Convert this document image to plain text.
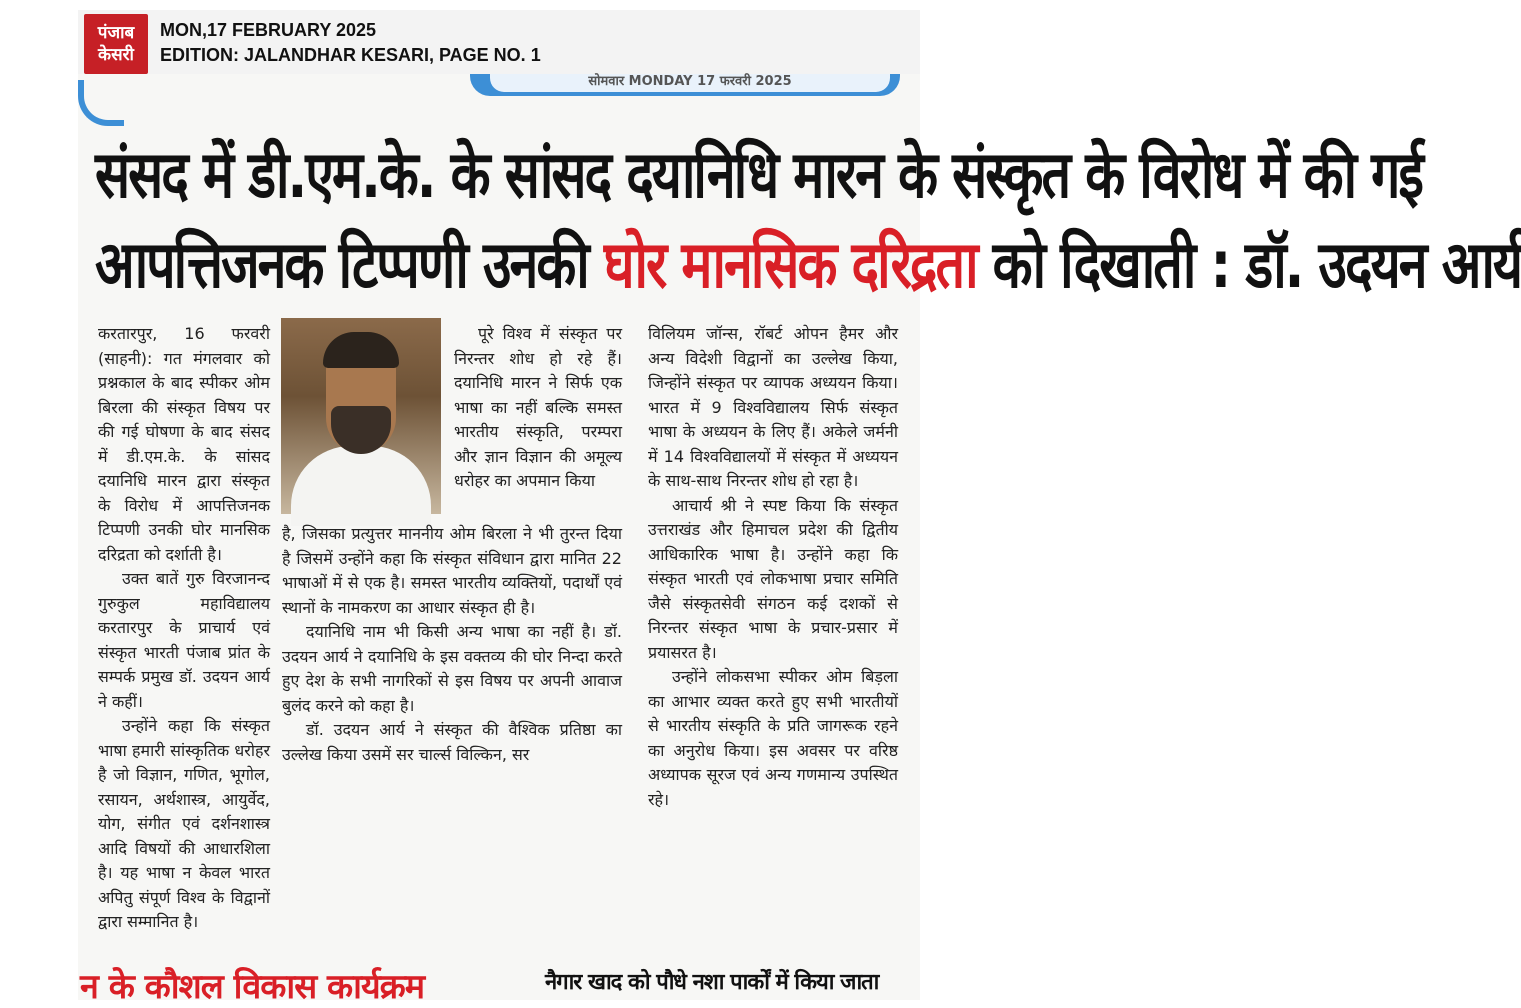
पंजाब
केसरी
MON,17 FEBRUARY 2025
EDITION: JALANDHAR KESARI, PAGE NO. 1
सोमवार MONDAY 17 फरवरी 2025
संसद में डी.एम.के. के सांसद दयानिधि मारन के संस्कृत के विरोध में की गई
आपत्तिजनक टिप्पणी उनकी घोर मानसिक दरिद्रता को दिखाती : डॉ. उदयन आर्य

करतारपुर, 16 फरवरी (साहनी): गत मंगलवार को प्रश्नकाल के बाद स्पीकर ओम बिरला की संस्कृत विषय पर की गई घोषणा के बाद संसद में डी.एम.के. के सांसद दयानिधि मारन द्वारा संस्कृत के विरोध में आपत्तिजनक टिप्पणी उनकी घोर मानसिक दरिद्रता को दर्शाती है।

उक्त बातें गुरु विरजानन्द गुरुकुल महाविद्यालय करतारपुर के प्राचार्य एवं संस्कृत भारती पंजाब प्रांत के सम्पर्क प्रमुख डॉ. उदयन आर्य ने कहीं।

उन्होंने कहा कि संस्कृत भाषा हमारी सांस्कृतिक धरोहर है जो विज्ञान, गणित, भूगोल, रसायन, अर्थशास्त्र, आयुर्वेद, योग, संगीत एवं दर्शनशास्त्र आदि विषयों की आधारशिला है। यह भाषा न केवल भारत अपितु संपूर्ण विश्व के विद्वानों द्वारा सम्मानित है।

पूरे विश्व में संस्कृत पर निरन्तर शोध हो रहे हैं। दयानिधि मारन ने सिर्फ एक भाषा का नहीं बल्कि समस्त भारतीय संस्कृति, परम्परा और ज्ञान विज्ञान की अमूल्य धरोहर का अपमान किया

है, जिसका प्रत्युत्तर माननीय ओम बिरला ने भी तुरन्त दिया है जिसमें उन्होंने कहा कि संस्कृत संविधान द्वारा मानित 22 भाषाओं में से एक है। समस्त भारतीय व्यक्तियों, पदार्थों एवं स्थानों के नामकरण का आधार संस्कृत ही है।

दयानिधि नाम भी किसी अन्य भाषा का नहीं है। डॉ. उदयन आर्य ने दयानिधि के इस वक्तव्य की घोर निन्दा करते हुए देश के सभी नागरिकों से इस विषय पर अपनी आवाज बुलंद करने को कहा है।

डॉ. उदयन आर्य ने संस्कृत की वैश्विक प्रतिष्ठा का उल्लेख किया उसमें सर चार्ल्स विल्किन, सर

विलियम जॉन्स, रॉबर्ट ओपन हैमर और अन्य विदेशी विद्वानों का उल्लेख किया, जिन्होंने संस्कृत पर व्यापक अध्ययन किया। भारत में 9 विश्वविद्यालय सिर्फ संस्कृत भाषा के अध्ययन के लिए हैं। अकेले जर्मनी में 14 विश्वविद्यालयों में संस्कृत में अध्ययन के साथ-साथ निरन्तर शोध हो रहा है।

आचार्य श्री ने स्पष्ट किया कि संस्कृत उत्तराखंड और हिमाचल प्रदेश की द्वितीय आधिकारिक भाषा है। उन्होंने कहा कि संस्कृत भारती एवं लोकभाषा प्रचार समिति जैसे संस्कृतसेवी संगठन कई दशकों से निरन्तर संस्कृत भाषा के प्रचार-प्रसार में प्रयासरत है।

उन्होंने लोकसभा स्पीकर ओम बिड़ला का आभार व्यक्त करते हुए सभी भारतीयों से भारतीय संस्कृति के प्रति जागरूक रहने का अनुरोध किया। इस अवसर पर वरिष्ठ अध्यापक सूरज एवं अन्य गणमान्य उपस्थित रहे।

न के कौशल विकास कार्यक्रम	नैगार खाद को पौधे नशा पार्कों में किया जाता
